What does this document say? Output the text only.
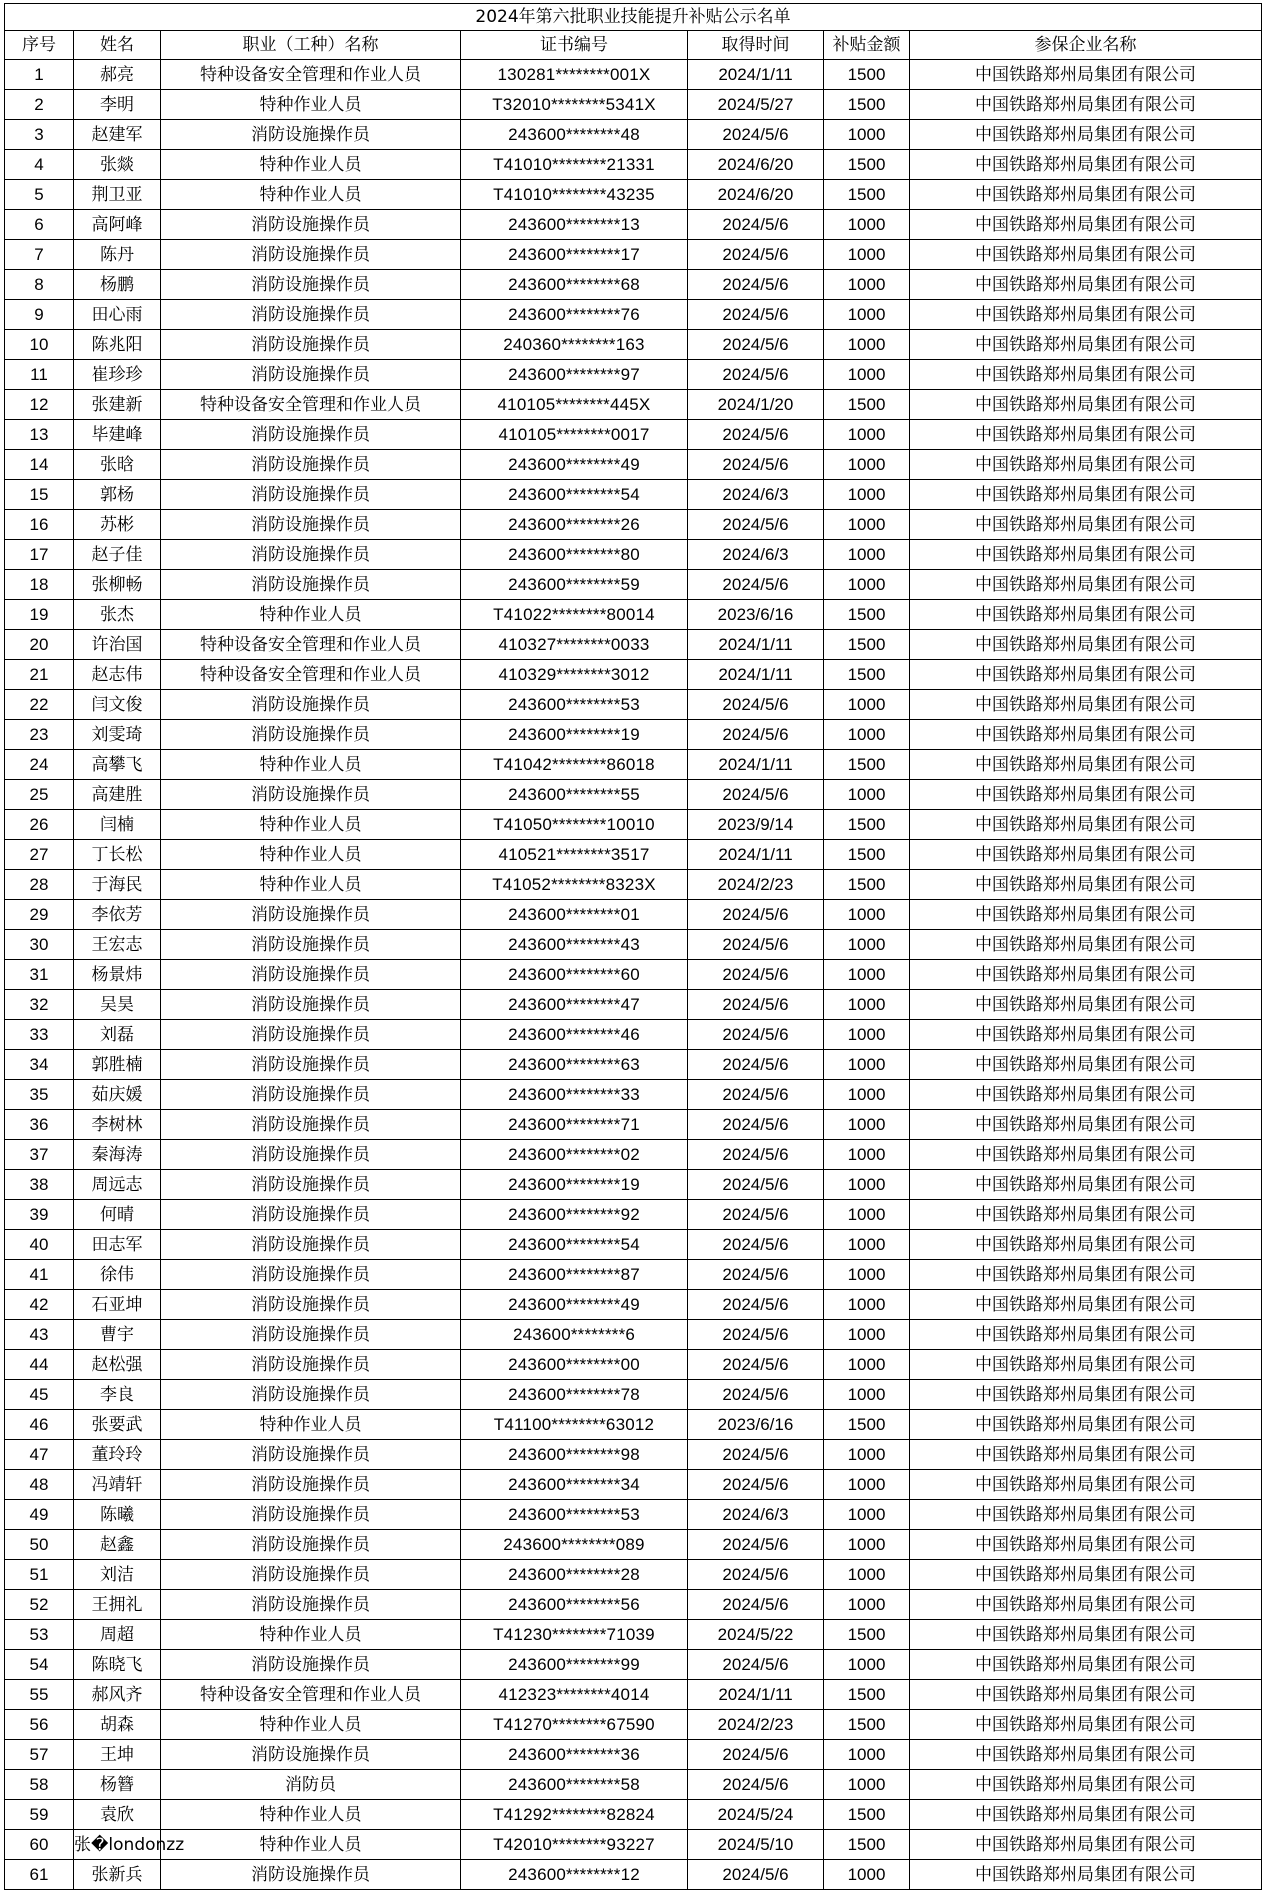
2024年第六批职业技能提升补贴公示名单						
序号	姓名	职业（工种）名称	证书编号	取得时间	补贴金额	参保企业名称
1	郝亮	特种设备安全管理和作业人员	130281********001X	2024/1/11	1500	中国铁路郑州局集团有限公司
2	李明	特种作业人员	T32010********5341X	2024/5/27	1500	中国铁路郑州局集团有限公司
3	赵建军	消防设施操作员	243600********48	2024/5/6	1000	中国铁路郑州局集团有限公司
4	张燚	特种作业人员	T41010********21331	2024/6/20	1500	中国铁路郑州局集团有限公司
5	荆卫亚	特种作业人员	T41010********43235	2024/6/20	1500	中国铁路郑州局集团有限公司
6	高阿峰	消防设施操作员	243600********13	2024/5/6	1000	中国铁路郑州局集团有限公司
7	陈丹	消防设施操作员	243600********17	2024/5/6	1000	中国铁路郑州局集团有限公司
8	杨鹏	消防设施操作员	243600********68	2024/5/6	1000	中国铁路郑州局集团有限公司
9	田心雨	消防设施操作员	243600********76	2024/5/6	1000	中国铁路郑州局集团有限公司
10	陈兆阳	消防设施操作员	240360********163	2024/5/6	1000	中国铁路郑州局集团有限公司
11	崔珍珍	消防设施操作员	243600********97	2024/5/6	1000	中国铁路郑州局集团有限公司
12	张建新	特种设备安全管理和作业人员	410105********445X	2024/1/20	1500	中国铁路郑州局集团有限公司
13	毕建峰	消防设施操作员	410105********0017	2024/5/6	1000	中国铁路郑州局集团有限公司
14	张晗	消防设施操作员	243600********49	2024/5/6	1000	中国铁路郑州局集团有限公司
15	郭杨	消防设施操作员	243600********54	2024/6/3	1000	中国铁路郑州局集团有限公司
16	苏彬	消防设施操作员	243600********26	2024/5/6	1000	中国铁路郑州局集团有限公司
17	赵子佳	消防设施操作员	243600********80	2024/6/3	1000	中国铁路郑州局集团有限公司
18	张柳畅	消防设施操作员	243600********59	2024/5/6	1000	中国铁路郑州局集团有限公司
19	张杰	特种作业人员	T41022********80014	2023/6/16	1500	中国铁路郑州局集团有限公司
20	许治国	特种设备安全管理和作业人员	410327********0033	2024/1/11	1500	中国铁路郑州局集团有限公司
21	赵志伟	特种设备安全管理和作业人员	410329********3012	2024/1/11	1500	中国铁路郑州局集团有限公司
22	闫文俊	消防设施操作员	243600********53	2024/5/6	1000	中国铁路郑州局集团有限公司
23	刘雯琦	消防设施操作员	243600********19	2024/5/6	1000	中国铁路郑州局集团有限公司
24	高攀飞	特种作业人员	T41042********86018	2024/1/11	1500	中国铁路郑州局集团有限公司
25	高建胜	消防设施操作员	243600********55	2024/5/6	1000	中国铁路郑州局集团有限公司
26	闫楠	特种作业人员	T41050********10010	2023/9/14	1500	中国铁路郑州局集团有限公司
27	丁长松	特种作业人员	410521********3517	2024/1/11	1500	中国铁路郑州局集团有限公司
28	于海民	特种作业人员	T41052********8323X	2024/2/23	1500	中国铁路郑州局集团有限公司
29	李依芳	消防设施操作员	243600********01	2024/5/6	1000	中国铁路郑州局集团有限公司
30	王宏志	消防设施操作员	243600********43	2024/5/6	1000	中国铁路郑州局集团有限公司
31	杨景炜	消防设施操作员	243600********60	2024/5/6	1000	中国铁路郑州局集团有限公司
32	吴昊	消防设施操作员	243600********47	2024/5/6	1000	中国铁路郑州局集团有限公司
33	刘磊	消防设施操作员	243600********46	2024/5/6	1000	中国铁路郑州局集团有限公司
34	郭胜楠	消防设施操作员	243600********63	2024/5/6	1000	中国铁路郑州局集团有限公司
35	茹庆媛	消防设施操作员	243600********33	2024/5/6	1000	中国铁路郑州局集团有限公司
36	李树林	消防设施操作员	243600********71	2024/5/6	1000	中国铁路郑州局集团有限公司
37	秦海涛	消防设施操作员	243600********02	2024/5/6	1000	中国铁路郑州局集团有限公司
38	周远志	消防设施操作员	243600********19	2024/5/6	1000	中国铁路郑州局集团有限公司
39	何晴	消防设施操作员	243600********92	2024/5/6	1000	中国铁路郑州局集团有限公司
40	田志军	消防设施操作员	243600********54	2024/5/6	1000	中国铁路郑州局集团有限公司
41	徐伟	消防设施操作员	243600********87	2024/5/6	1000	中国铁路郑州局集团有限公司
42	石亚坤	消防设施操作员	243600********49	2024/5/6	1000	中国铁路郑州局集团有限公司
43	曹宇	消防设施操作员	243600********6	2024/5/6	1000	中国铁路郑州局集团有限公司
44	赵松强	消防设施操作员	243600********00	2024/5/6	1000	中国铁路郑州局集团有限公司
45	李良	消防设施操作员	243600********78	2024/5/6	1000	中国铁路郑州局集团有限公司
46	张要武	特种作业人员	T41100********63012	2023/6/16	1500	中国铁路郑州局集团有限公司
47	董玲玲	消防设施操作员	243600********98	2024/5/6	1000	中国铁路郑州局集团有限公司
48	冯靖轩	消防设施操作员	243600********34	2024/5/6	1000	中国铁路郑州局集团有限公司
49	陈曦	消防设施操作员	243600********53	2024/6/3	1000	中国铁路郑州局集团有限公司
50	赵鑫	消防设施操作员	243600********089	2024/5/6	1000	中国铁路郑州局集团有限公司
51	刘洁	消防设施操作员	243600********28	2024/5/6	1000	中国铁路郑州局集团有限公司
52	王拥礼	消防设施操作员	243600********56	2024/5/6	1000	中国铁路郑州局集团有限公司
53	周超	特种作业人员	T41230********71039	2024/5/22	1500	中国铁路郑州局集团有限公司
54	陈晓飞	消防设施操作员	243600********99	2024/5/6	1000	中国铁路郑州局集团有限公司
55	郝风齐	特种设备安全管理和作业人员	412323********4014	2024/1/11	1500	中国铁路郑州局集团有限公司
56	胡森	特种作业人员	T41270********67590	2024/2/23	1500	中国铁路郑州局集团有限公司
57	王坤	消防设施操作员	243600********36	2024/5/6	1000	中国铁路郑州局集团有限公司
58	杨簪	消防员	243600********58	2024/5/6	1000	中国铁路郑州局集团有限公司
59	袁欣	特种作业人员	T41292********82824	2024/5/24	1500	中国铁路郑州局集团有限公司
60	张�londonzz	特种作业人员	T42010********93227	2024/5/10	1500	中国铁路郑州局集团有限公司
61	张新兵	消防设施操作员	243600********12	2024/5/6	1000	中国铁路郑州局集团有限公司
